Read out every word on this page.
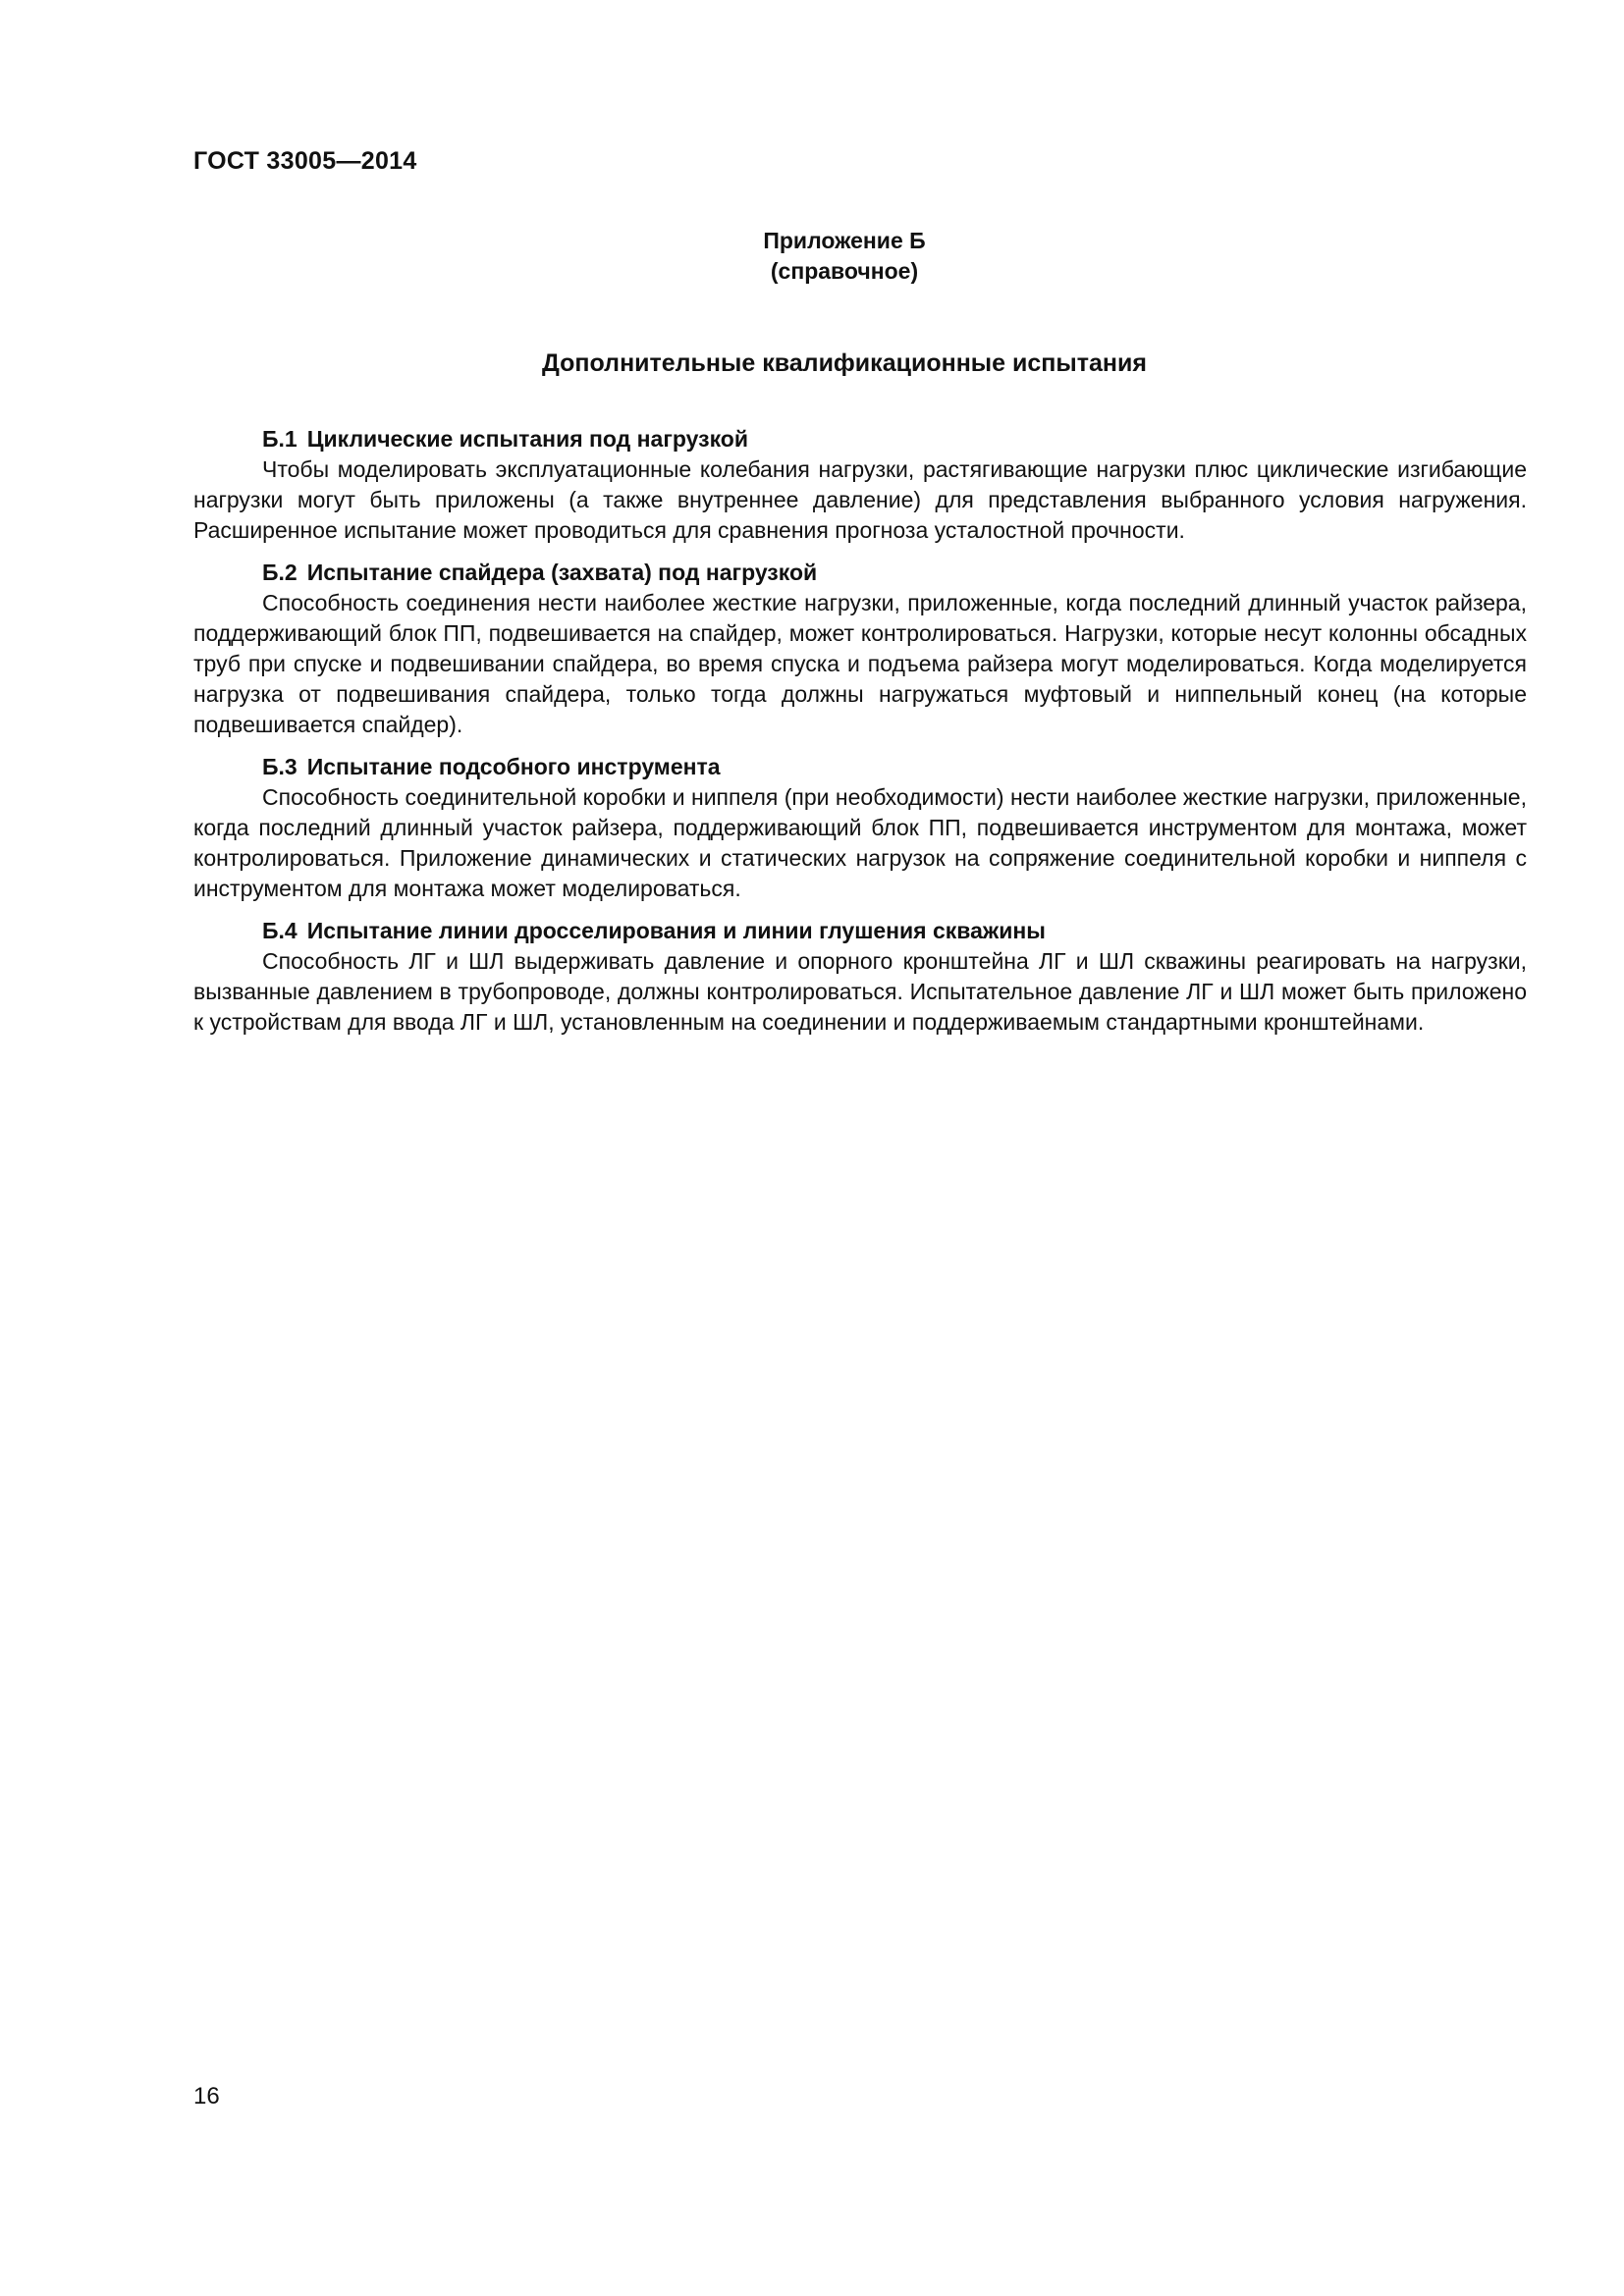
ГОСТ 33005—2014
Приложение Б
(справочное)
Дополнительные квалификационные испытания
Б.1 Циклические испытания под нагрузкой

Чтобы моделировать эксплуатационные колебания нагрузки, растягивающие нагрузки плюс циклические изгибающие нагрузки могут быть приложены (а также внутреннее давление) для представления выбранного условия нагружения. Расширенное испытание может проводиться для сравнения прогноза усталостной прочности.

Б.2 Испытание спайдера (захвата) под нагрузкой

Способность соединения нести наиболее жесткие нагрузки, приложенные, когда последний длинный участок райзера, поддерживающий блок ПП, подвешивается на спайдер, может контролироваться. Нагрузки, которые несут колонны обсадных труб при спуске и подвешивании спайдера, во время спуска и подъема райзера могут моделироваться. Когда моделируется нагрузка от подвешивания спайдера, только тогда должны нагружаться муфтовый и ниппельный конец (на которые подвешивается спайдер).

Б.3 Испытание подсобного инструмента

Способность соединительной коробки и ниппеля (при необходимости) нести наиболее жесткие нагрузки, приложенные, когда последний длинный участок райзера, поддерживающий блок ПП, подвешивается инструментом для монтажа, может контролироваться. Приложение динамических и статических нагрузок на сопряжение соединительной коробки и ниппеля с инструментом для монтажа может моделироваться.

Б.4 Испытание линии дросселирования и линии глушения скважины

Способность ЛГ и ШЛ выдерживать давление и опорного кронштейна ЛГ и ШЛ скважины реагировать на нагрузки, вызванные давлением в трубопроводе, должны контролироваться. Испытательное давление ЛГ и ШЛ может быть приложено к устройствам для ввода ЛГ и ШЛ, установленным на соединении и поддерживаемым стандартными кронштейнами.

16
